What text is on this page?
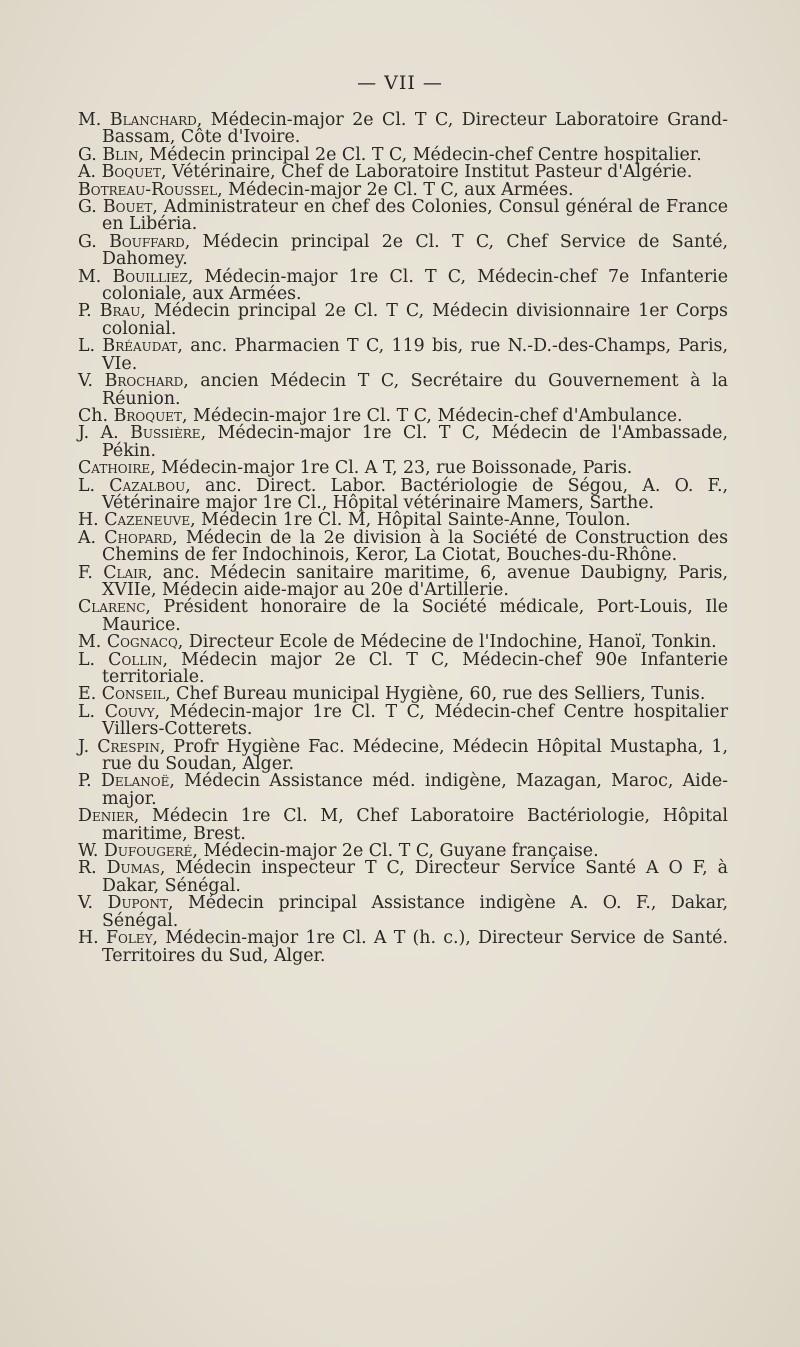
— VII —

M. Blanchard, Médecin-major 2e Cl. T C, Directeur Laboratoire Grand-Bassam, Côte d'Ivoire.

G. Blin, Médecin principal 2e Cl. T C, Médecin-chef Centre hospitalier.

A. Boquet, Vétérinaire, Chef de Laboratoire Institut Pasteur d'Algérie.

Botreau-Roussel, Médecin-major 2e Cl. T C, aux Armées.

G. Bouet, Administrateur en chef des Colonies, Consul général de France en Libéria.

G. Bouffard, Médecin principal 2e Cl. T C, Chef Service de Santé, Dahomey.

M. Bouilliez, Médecin-major 1re Cl. T C, Médecin-chef 7e Infanterie coloniale, aux Armées.

P. Brau, Médecin principal 2e Cl. T C, Médecin divisionnaire 1er Corps colonial.

L. Bréaudat, anc. Pharmacien T C, 119 bis, rue N.-D.-des-Champs, Paris, VIe.

V. Brochard, ancien Médecin T C, Secrétaire du Gouvernement à la Réunion.

Ch. Broquet, Médecin-major 1re Cl. T C, Médecin-chef d'Ambulance.

J. A. Bussière, Médecin-major 1re Cl. T C, Médecin de l'Ambassade, Pékin.

Cathoire, Médecin-major 1re Cl. A T, 23, rue Boissonade, Paris.

L. Cazalbou, anc. Direct. Labor. Bactériologie de Ségou, A. O. F., Vétérinaire major 1re Cl., Hôpital vétérinaire Mamers, Sarthe.

H. Cazeneuve, Médecin 1re Cl. M, Hôpital Sainte-Anne, Toulon.

A. Chopard, Médecin de la 2e division à la Société de Construction des Chemins de fer Indochinois, Keror, La Ciotat, Bouches-du-Rhône.

F. Clair, anc. Médecin sanitaire maritime, 6, avenue Daubigny, Paris, XVIIe, Médecin aide-major au 20e d'Artillerie.

Clarenc, Président honoraire de la Société médicale, Port-Louis, Ile Maurice.

M. Cognacq, Directeur Ecole de Médecine de l'Indochine, Hanoï, Tonkin.

L. Collin, Médecin major 2e Cl. T C, Médecin-chef 90e Infanterie territoriale.

E. Conseil, Chef Bureau municipal Hygiène, 60, rue des Selliers, Tunis.

L. Couvy, Médecin-major 1re Cl. T C, Médecin-chef Centre hospitalier Villers-Cotterets.

J. Crespin, Profr Hygiène Fac. Médecine, Médecin Hôpital Mustapha, 1, rue du Soudan, Alger.

P. Delanoë, Médecin Assistance méd. indigène, Mazagan, Maroc, Aide-major.

Denier, Médecin 1re Cl. M, Chef Laboratoire Bactériologie, Hôpital maritime, Brest.

W. Dufougeré, Médecin-major 2e Cl. T C, Guyane française.

R. Dumas, Médecin inspecteur T C, Directeur Service Santé A O F, à Dakar, Sénégal.

V. Dupont, Médecin principal Assistance indigène A. O. F., Dakar, Sénégal.

H. Foley, Médecin-major 1re Cl. A T (h. c.), Directeur Service de Santé. Territoires du Sud, Alger.
